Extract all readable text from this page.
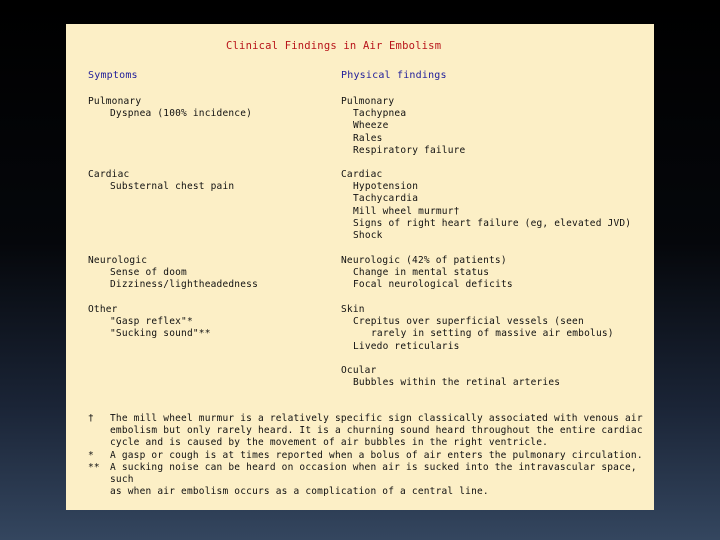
Clinical Findings in Air Embolism
Symptoms	Physical findings
Pulmonary
Dyspnea (100% incidence)
Cardiac
Substernal chest pain
Neurologic
Sense of doom
Dizziness/lightheadedness
Other
"Gasp reflex"*
"Sucking sound"**
Pulmonary
Tachypnea
Wheeze
Rales
Respiratory failure
Cardiac
Hypotension
Tachycardia
Mill wheel murmur†
Signs of right heart failure (eg, elevated JVD)
Shock
Neurologic (42% of patients)
Change in mental status
Focal neurological deficits
Skin
Crepitus over superficial vessels (seen
rarely in setting of massive air embolus)
Livedo reticularis
Ocular
Bubbles within the retinal arteries
† The mill wheel murmur is a relatively specific sign classically associated with venous air
embolism but only rarely heard. It is a churning sound heard throughout the entire cardiac
cycle and is caused by the movement of air bubbles in the right ventricle.
* A gasp or cough is at times reported when a bolus of air enters the pulmonary circulation.
** A sucking noise can be heard on occasion when air is sucked into the intravascular space, such
as when air embolism occurs as a complication of a central line.
